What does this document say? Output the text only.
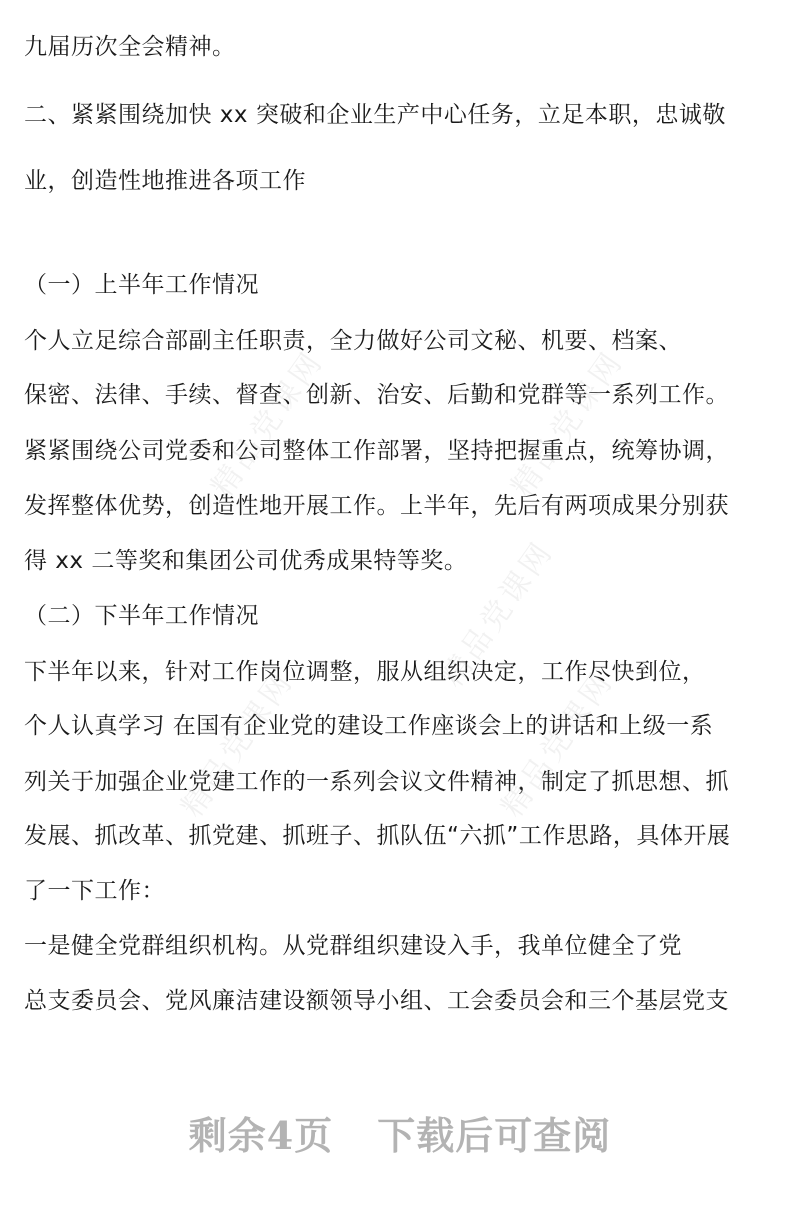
九届历次全会精神。
二、紧紧围绕加快 xx 突破和企业生产中心任务，立足本职，忠诚敬
业，创造性地推进各项工作
（一）上半年工作情况
个人立足综合部副主任职责，全力做好公司文秘、机要、档案、
保密、法律、手续、督查、创新、治安、后勤和党群等一系列工作。
紧紧围绕公司党委和公司整体工作部署，坚持把握重点，统筹协调，
发挥整体优势，创造性地开展工作。上半年，先后有两项成果分别获
得 xx 二等奖和集团公司优秀成果特等奖。
（二）下半年工作情况
下半年以来，针对工作岗位调整，服从组织决定，工作尽快到位，
个人认真学习 在国有企业党的建设工作座谈会上的讲话和上级一系
列关于加强企业党建工作的一系列会议文件精神，制定了抓思想、抓
发展、抓改革、抓党建、抓班子、抓队伍“六抓”工作思路，具体开展
了一下工作：
一是健全党群组织机构。从党群组织建设入手，我单位健全了党
总支委员会、党风廉洁建设额领导小组、工会委员会和三个基层党支
精品党课网	精品党课网
精品党课网
精品党课网	精品党课网
剩余4页 下载后可查阅
